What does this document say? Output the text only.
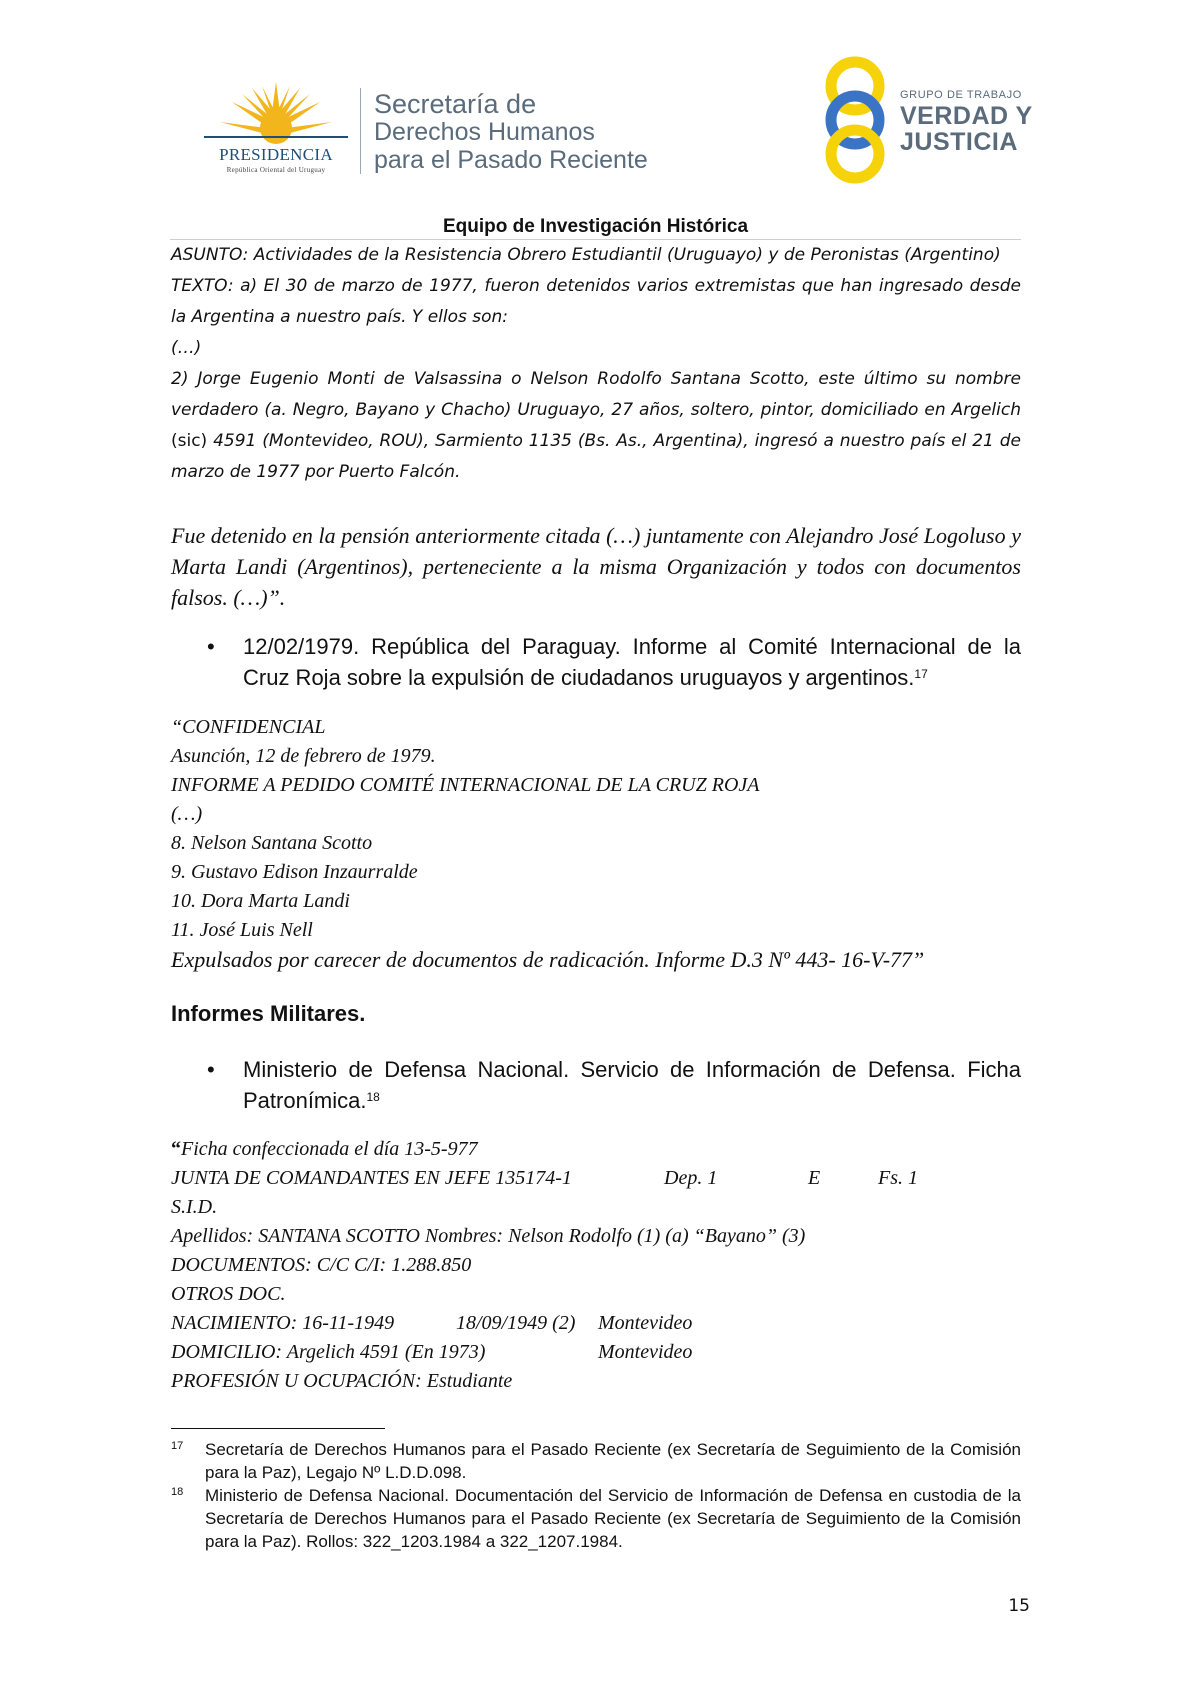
PRESIDENCIA
República Oriental del Uruguay
Secretaría de
Derechos Humanos
para el Pasado Reciente
GRUPO DE TRABAJO
VERDAD Y
JUSTICIA
Equipo de Investigación Histórica

ASUNTO: Actividades de la Resistencia Obrero Estudiantil (Uruguayo) y de Peronistas (Argentino)

TEXTO: a) El 30 de marzo de 1977, fueron detenidos varios extremistas que han ingresado desde la Argentina a nuestro país. Y ellos son:

(…)

2) Jorge Eugenio Monti de Valsassina o Nelson Rodolfo Santana Scotto, este último su nombre verdadero (a. Negro, Bayano y Chacho) Uruguayo, 27 años, soltero, pintor, domiciliado en Argelich (sic) 4591 (Montevideo, ROU), Sarmiento 1135 (Bs. As., Argentina), ingresó a nuestro país el 21 de marzo de 1977 por Puerto Falcón.

Fue detenido en la pensión anteriormente citada (…) juntamente con Alejandro José Logoluso y Marta Landi (Argentinos), perteneciente a la misma Organización y todos con documentos falsos. (…)”.

• 12/02/1979. República del Paraguay. Informe al Comité Internacional de la Cruz Roja sobre la expulsión de ciudadanos uruguayos y argentinos.$^{17}$

“CONFIDENCIAL

Asunción, 12 de febrero de 1979.

INFORME A PEDIDO COMITÉ INTERNACIONAL DE LA CRUZ ROJA

(…)

8. Nelson Santana Scotto

9. Gustavo Edison Inzaurralde

10. Dora Marta Landi

11. José Luis Nell

Expulsados por carecer de documentos de radicación. Informe D.3 Nº 443- 16-V-77”

Informes Militares.
• Ministerio de Defensa Nacional. Servicio de Información de Defensa. Ficha Patronímica.$^{18}$
“Ficha confeccionada el día 13-5-977
JUNTA DE COMANDANTES EN JEFE 135174-1	Dep. 1	E	Fs. 1
S.I.D.
Apellidos: SANTANA SCOTTO Nombres: Nelson Rodolfo (1) (a) “Bayano” (3)
DOCUMENTOS: C/C C/I: 1.288.850
OTROS DOC.
NACIMIENTO: 16-11-1949	18/09/1949 (2) Montevideo
DOMICILIO: Argelich 4591 (En 1973)	Montevideo
PROFESIÓN U OCUPACIÓN: Estudiante
17 Secretaría de Derechos Humanos para el Pasado Reciente (ex Secretaría de Seguimiento de la Comisión para la Paz), Legajo Nº L.D.D.098.
18 Ministerio de Defensa Nacional. Documentación del Servicio de Información de Defensa en custodia de la Secretaría de Derechos Humanos para el Pasado Reciente (ex Secretaría de Seguimiento de la Comisión para la Paz). Rollos: 322_1203.1984 a 322_1207.1984.
15
